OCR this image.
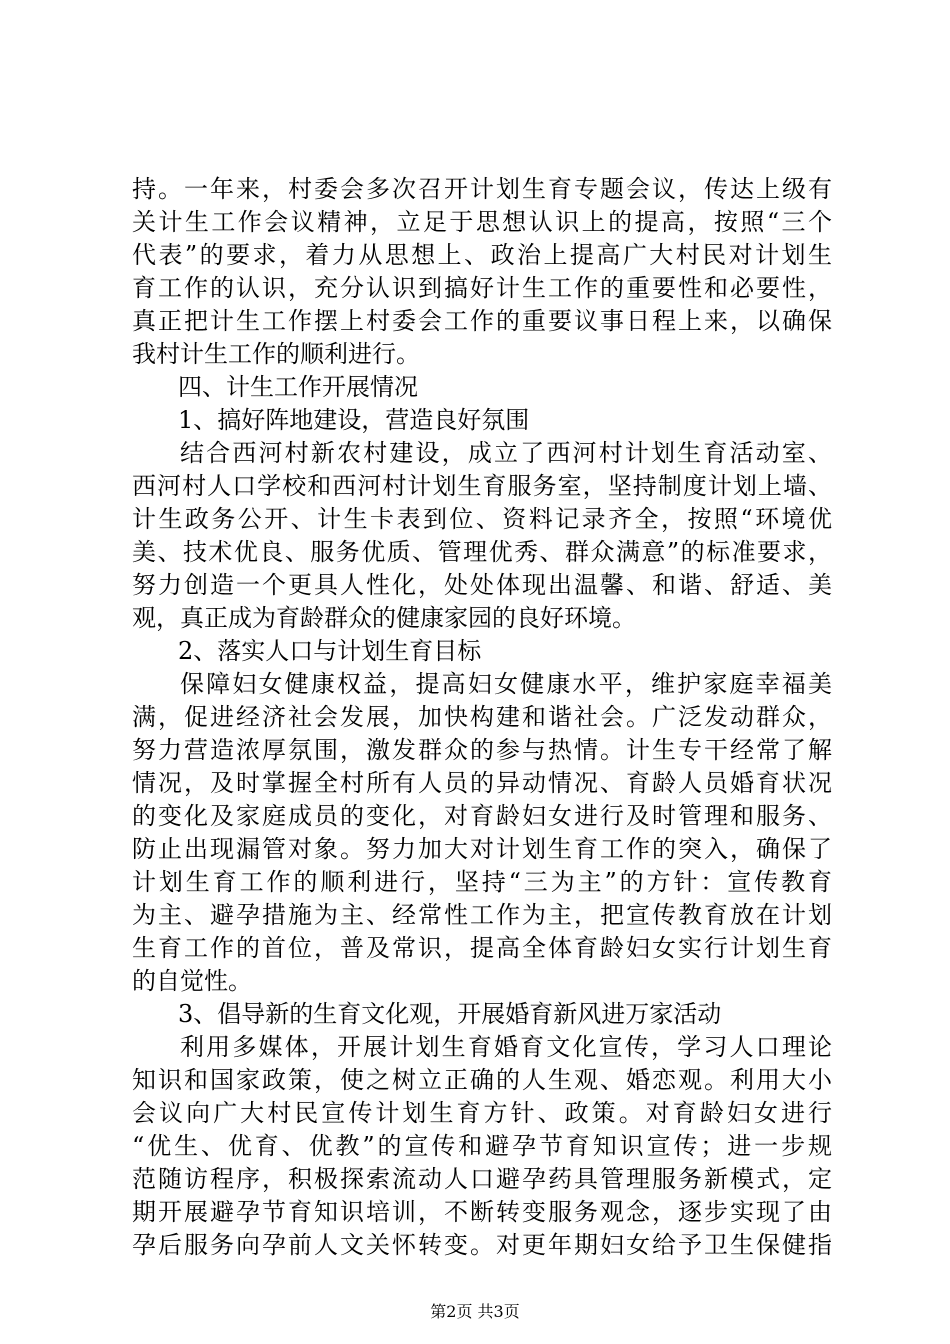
持。一年来，村委会多次召开计划生育专题会议，传达上级有
关计生工作会议精神，立足于思想认识上的提高，按照“三个
代表”的要求，着力从思想上、政治上提高广大村民对计划生
育工作的认识，充分认识到搞好计生工作的重要性和必要性，
真正把计生工作摆上村委会工作的重要议事日程上来，以确保
我村计生工作的顺利进行。
四、计生工作开展情况
1、搞好阵地建设，营造良好氛围
结合西河村新农村建设，成立了西河村计划生育活动室、
西河村人口学校和西河村计划生育服务室，坚持制度计划上墙、
计生政务公开、计生卡表到位、资料记录齐全，按照“环境优
美、技术优良、服务优质、管理优秀、群众满意”的标准要求，
努力创造一个更具人性化，处处体现出温馨、和谐、舒适、美
观，真正成为育龄群众的健康家园的良好环境。
2、落实人口与计划生育目标
保障妇女健康权益，提高妇女健康水平，维护家庭幸福美
满，促进经济社会发展，加快构建和谐社会。广泛发动群众，
努力营造浓厚氛围，激发群众的参与热情。计生专干经常了解
情况，及时掌握全村所有人员的异动情况、育龄人员婚育状况
的变化及家庭成员的变化，对育龄妇女进行及时管理和服务、
防止出现漏管对象。努力加大对计划生育工作的突入，确保了
计划生育工作的顺利进行，坚持“三为主”的方针：宣传教育
为主、避孕措施为主、经常性工作为主，把宣传教育放在计划
生育工作的首位，普及常识，提高全体育龄妇女实行计划生育
的自觉性。
3、倡导新的生育文化观，开展婚育新风进万家活动
利用多媒体，开展计划生育婚育文化宣传，学习人口理论
知识和国家政策，使之树立正确的人生观、婚恋观。利用大小
会议向广大村民宣传计划生育方针、政策。对育龄妇女进行
“优生、优育、优教”的宣传和避孕节育知识宣传；进一步规
范随访程序，积极探索流动人口避孕药具管理服务新模式，定
期开展避孕节育知识培训，不断转变服务观念，逐步实现了由
孕后服务向孕前人文关怀转变。对更年期妇女给予卫生保健指
第2页 共3页
